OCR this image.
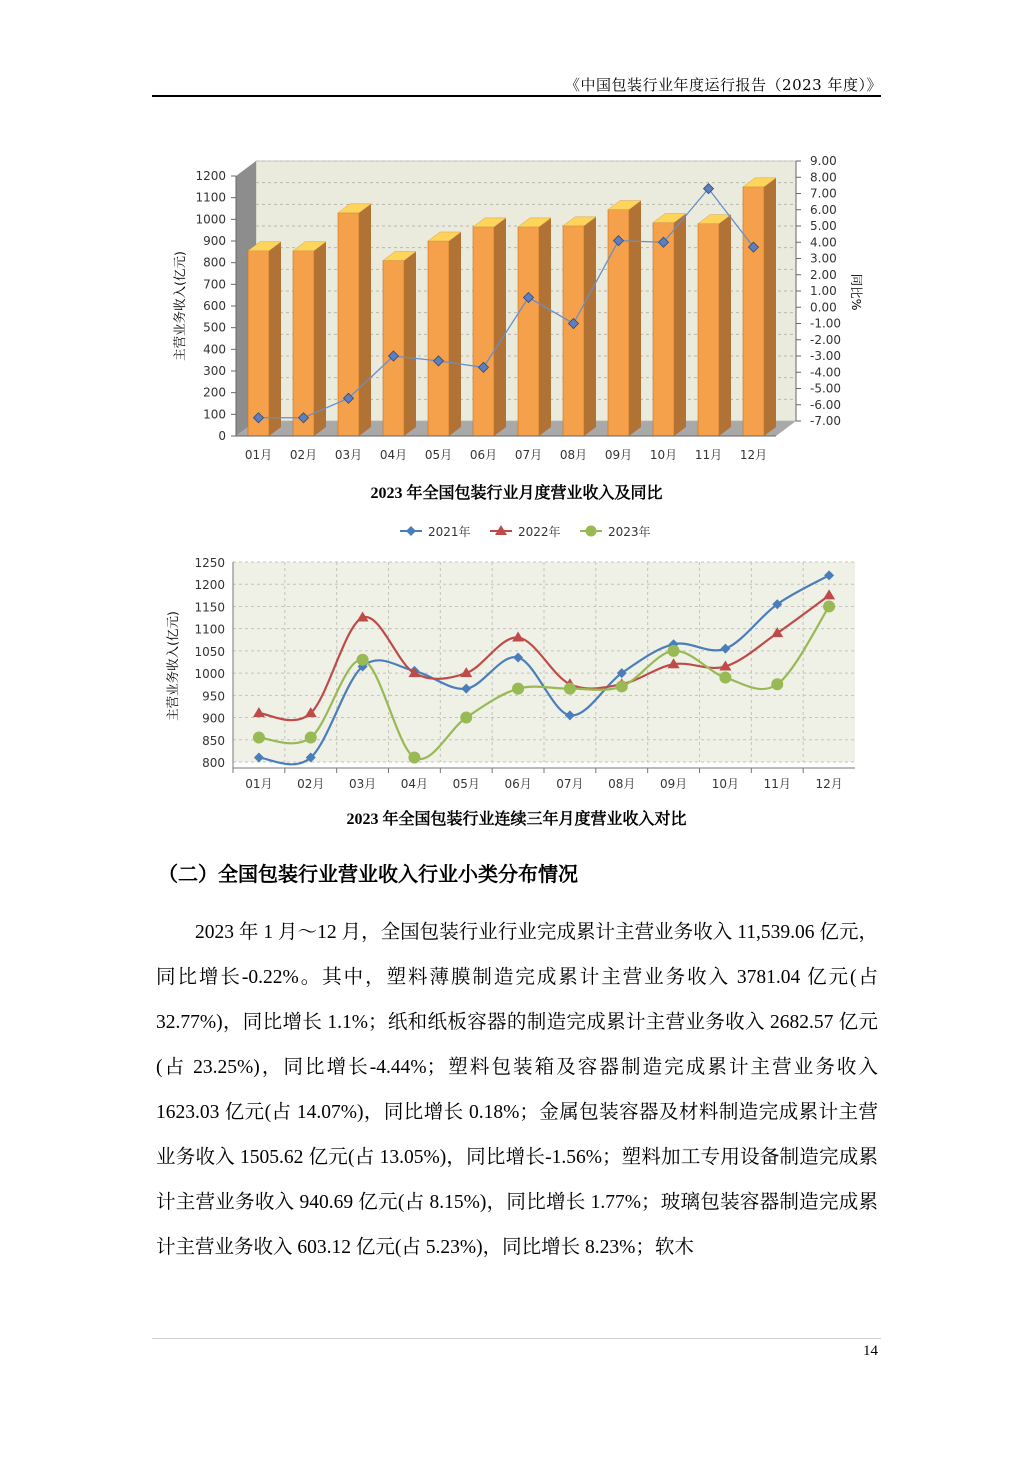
《中国包装行业年度运行报告（2023 年度）》
0
100
200
300
400
500
600
700
800
900
1000
1100
1200
-7.00
-6.00
-5.00
-4.00
-3.00
-2.00
-1.00
0.00
1.00
2.00
3.00
4.00
5.00
6.00
7.00
8.00
9.00
01月 02月 03月 04月 05月 06月 07月 08月 09月 10月 11月 12月
主营业务收入(亿元)	同比%
2023 年全国包装行业月度营业收入及同比
2021年	2022年	2023年
800
850
900
950
1000
1050
1100
1150
1200
1250
01月 02月 03月 04月 05月 06月 07月 08月 09月 10月 11月 12月
主营业务收入(亿元)
2023 年全国包装行业连续三年月度营业收入对比
（二）全国包装行业营业收入行业小类分布情况

2023 年 1 月～12 月，全国包装行业行业完成累计主营业务收入 11,539.06 亿元，同比增长-0.22%。其中，塑料薄膜制造完成累计主营业务收入 3781.04 亿元(占 32.77%)，同比增长 1.1%；纸和纸板容器的制造完成累计主营业务收入 2682.57 亿元(占 23.25%)，同比增长-4.44%；塑料包装箱及容器制造完成累计主营业务收入 1623.03 亿元(占 14.07%)，同比增长 0.18%；金属包装容器及材料制造完成累计主营业务收入 1505.62 亿元(占 13.05%)，同比增长-1.56%；塑料加工专用设备制造完成累计主营业务收入 940.69 亿元(占 8.15%)，同比增长 1.77%；玻璃包装容器制造完成累计主营业务收入 603.12 亿元(占 5.23%)，同比增长 8.23%；软木

14
